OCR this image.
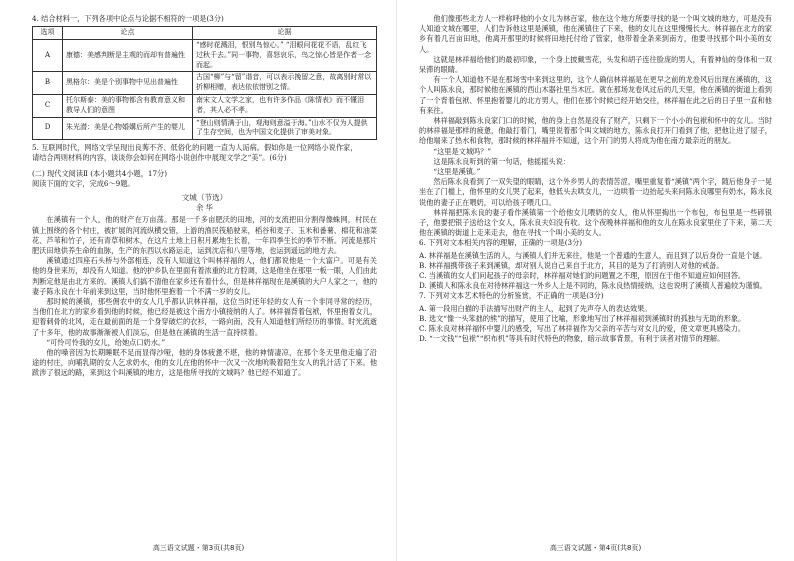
4. 结合材料一，下列各项中论点与论据不相符的一项是(3分)

选项	论点	论据
A	康德：美感判断是主观的而却有普遍性	“感时花溅泪，恨别鸟惊心。” “泪眼问花花不语，乱红飞过秋千去。”同一事物，喜怒哀乐，鸟之惊心皆是作者一念而起。
B	黑格尔：美是个别事物中见出普遍性	古国“柳”与“留”谐音，可以表示挽留之意，故离别时常以折柳相赠，表达依依惜别之情。
C	托尔斯泰：美的事物都含有教育意义和教导人们的意图	南宋文人文学之家，也有许多作品《陈情表》而不懂泪者，其人必不孝。
D	朱光潜：美是心物婚媾后所产生的婴儿	“登山则情满于山，观海则意溢于海。”山水不仅为人提供了生存空间，也为中国文化提供了审美对象。

5. 互联网时代，网络文学呈现出良莠不齐、低俗化的问题一直为人诟病。假如你是一位网络小说作家，

请结合两则材料的内容，谈谈你会如何在网络小说创作中展现文学之“美”。(6分)

(二) 现代文阅读Ⅱ (本小题共4小题，17分)

阅读下面的文字，完成6～9题。

文城（节选）

余 华

在溪镇有一个人，他的财产在万亩荡。那是一千多亩肥沃的田地，河的支流把田分割得像蛛网，村民在镇上围绕的各个村庄，被扩展的河流纵横交错，上游的渔民筏船驶来，稻谷和麦子、玉米和番薯、棉花和油菜花、芦苇和竹子，还有青草和树木，在这片土地上日积月累地生长着，一年四季生长的季节不断。河流是那片肥沃田地供养生命的血脉，生产的东西以水路运走，运到沈店和八里等地，也运到遥远的地方去。

溪镇通过四座石头桥与外部相连，没有人知道这个叫林祥福的人，他们都说他是一个大富户。可是有关他的身世来历，却没有人知道。他的护乡队在里面有着浓重的北方腔调，这是他坐在那里一板一眼，人们由此判断定他是由北方来的。溪镇人们搞不清他在家乡还有着什么，但是林祥福现在是溪镇的大户人家之一，他的妻子陈永良在十年前来到这里，当时他怀里抱着一个不满一岁的女儿。

那时候的溪镇，那些佣农中的女人几乎都认识林祥福，这位当时还年轻的女人有一个非同寻常的经历，当他们在北方的家乡看到他的时候，他已经是被这个南方小镇接纳的人了。林祥福背着包袱，怀里抱着女儿，迎着刺骨的北风，走在最前面的是一个身穿破烂的衣衫，一路向南，没有人知道他们所经历的事情。时光流逝了十多年，他的故事渐渐被人们淡忘，但是他在溪镇的生活一直持续着。

“可怜可怜我的女儿，给她点口奶水。”

他的嗓音因为长期睡眠不足而显得沙哑，他的身体疲惫不堪，他的神情凄凉，在那个冬天里他走遍了沿途的村庄，向哺乳期的女人乞求奶水，他的女儿在他的怀中一次又一次地吮吸着陌生女人的乳汁活了下来。他跋涉了很远的路，来到这个叫溪镇的地方，这是他所寻找的文城吗？他已经不知道了。

高三语文试题・第3页(共8页)

他们像那些北方人一样称呼他的小女儿为林百家，他在这个地方所要寻找的是一个叫文城的地方，可是没有人知道文城在哪里，人们告诉他这里是溪镇，他在溪镇住了下来，他的女儿在这里慢慢长大。林祥福在北方的家乡有着几百亩田地，他离开那里的时候将田地托付给了管家，他带着金条来到南方，他要寻找那个叫小美的女人。

这就是林祥福给他们的最初印象，一个身上披戴雪花，头发和胡子连往脸庞的男人，有着神仙的身体和一双呆滞的眼睛。

有一个人知道他不是在那场雪中来到这里的，这个人确信林祥福是在更早之前的龙卷风后出现在溪镇的，这个人叫陈永良，那时候他在溪镇的西山木器社里当木匠。就在那场龙卷风过后的几天里，他在溪镇的街道上看到了一个背着包袱、怀里抱着婴儿的北方男人，他们在那个时候已经开始交往，林祥福在此之后的日子里一直和他有来往。

林祥福敲到陈永良家门口的时候，他的身上自然是没有了财产，只剩下一个小小的包袱和怀中的女儿。当时的林祥福是那样的疲惫，他敲打着门，嘴里说着那个叫文城的地方，陈永良打开门看到了他，把他让进了屋子，给他端来了热水和食物，那时候的林祥福并不知道，这个开门的男人将成为他在南方最亲近的朋友。

“这里是文城吗？”

这是陈永良听到的第一句话，他摇摇头说：

“这里是溪镇。”

然后陈永良看到了一双失望的眼睛，这个外乡男人的表情苦涩，嘴里重复着“溪镇”两个字，随后他身子一晃坐在了门槛上，他怀里的女儿哭了起来，他低头去哄女儿，一边哄着一边抬起头来问陈永良哪里有奶水，陈永良说他的妻子正在喂奶，可以给孩子喂几口。

林祥福把陈永良的妻子看作溪镇第一个给他女儿喂奶的女人，他从怀里掏出一个布包，布包里是一些碎银子，他要把银子送给这个女人，陈永良夫妇没有收。这个夜晚林祥福和他的女儿在陈永良家里住了下来，第二天他在溪镇的街道上走来走去，他在寻找一个叫小美的女人。

6. 下列对文本相关内容的理解，正确的一项是(3分)

A. 林祥福是在溪镇生活的人，与溪镇人们并无来往，他是一个普通的生意人，而且到了以后身份一直是个谜。

B. 林祥福携带孩子来到溪镇，却对别人说自己来自于北方，其目的是为了打消别人对他的戒备。

C. 当溪镇的女人们问起孩子的母亲时，林祥福对她们的问题置之不理，原因在于他不知道应如何回答。

D. 溪镇人和陈永良在对待林祥福这一外乡人上是不同的，陈永良热情接纳，这也说明了溪镇人普遍较为谨慎。

7. 下列对文本艺术特色的分析鉴赏，不正确的一项是(3分)

A. 第一段用白描的手法描写出财产的主人，起到了先声夺人的表达效果。

B. 选文“像一头笨拙的熊”的描写，使用了比喻，形象地写出了林祥福初到溪镇时的孤独与无助的形象。

C. 陈永良对林祥福怀中婴儿的感受，写出了林祥福作为父亲的辛苦与对女儿的爱，使文章更具感染力。

D. “一文钱”“包袱”“织布机”等具有时代特色的物象，暗示故事背景，有利于读者对情节的理解。

高三语文试题・第4页(共8页)
